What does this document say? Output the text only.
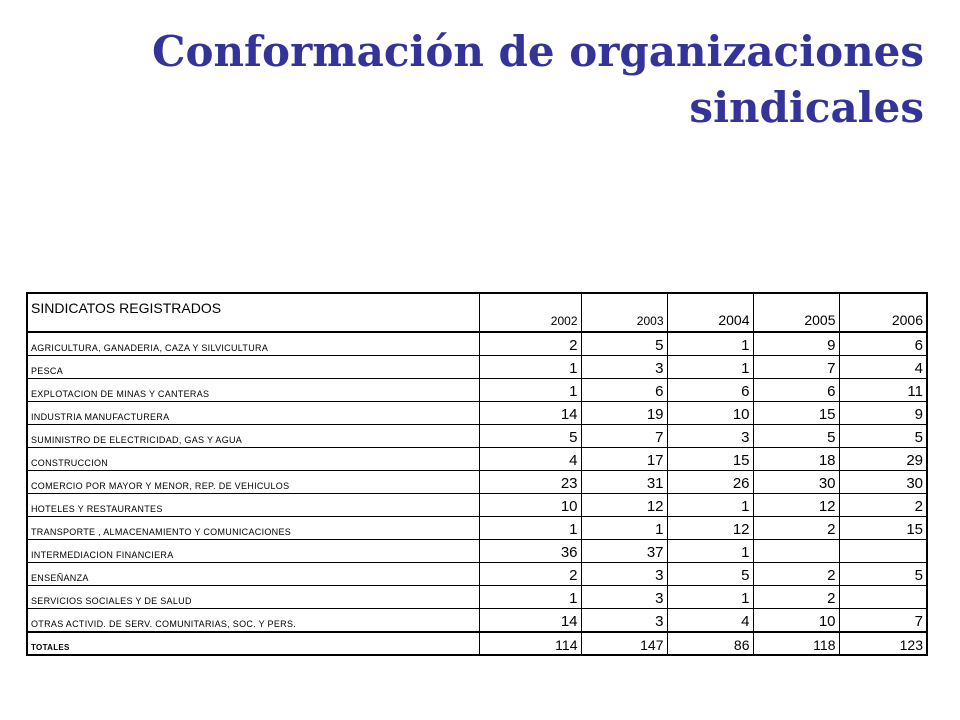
Conformación de organizaciones
sindicales
SINDICATOS REGISTRADOS	2002	2003	2004	2005	2006
AGRICULTURA, GANADERIA, CAZA Y SILVICULTURA	2	5	1	9	6
PESCA	1	3	1	7	4
EXPLOTACION DE MINAS Y CANTERAS	1	6	6	6	11
INDUSTRIA MANUFACTURERA	14	19	10	15	9
SUMINISTRO DE ELECTRICIDAD, GAS Y AGUA	5	7	3	5	5
CONSTRUCCION	4	17	15	18	29
COMERCIO POR MAYOR Y MENOR, REP. DE VEHICULOS	23	31	26	30	30
HOTELES Y RESTAURANTES	10	12	1	12	2
TRANSPORTE , ALMACENAMIENTO Y COMUNICACIONES	1	1	12	2	15
INTERMEDIACION FINANCIERA	36	37	1		
ENSEÑANZA	2	3	5	2	5
SERVICIOS SOCIALES Y DE SALUD	1	3	1	2	
OTRAS ACTIVID. DE SERV. COMUNITARIAS, SOC. Y PERS.	14	3	4	10	7
TOTALES	114	147	86	118	123
